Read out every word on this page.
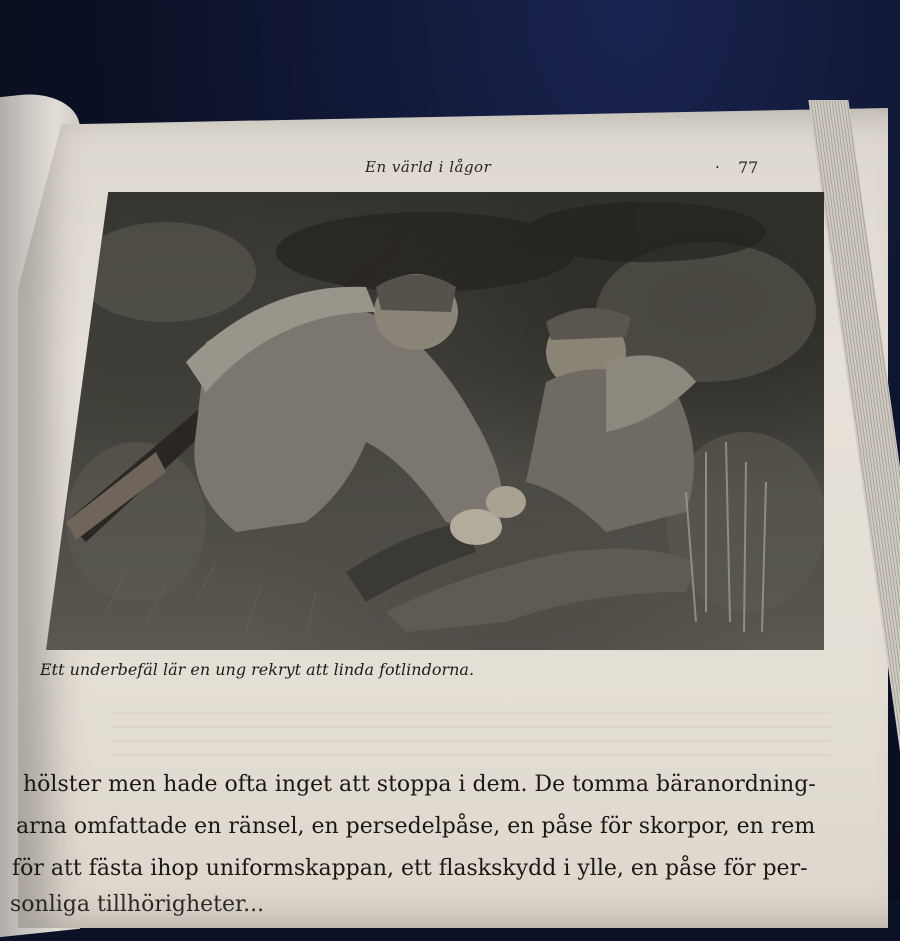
En värld i lågor	· 77
Ett underbefäl lär en ung rekryt att linda fotlindorna.
hölster men hade ofta inget att stoppa i dem. De tomma bäranordning-
arna omfattade en ränsel, en persedelpåse, en påse för skorpor, en rem
för att fästa ihop uniformskappan, ett flaskskydd i ylle, en påse för per-
sonliga tillhörigheter...
